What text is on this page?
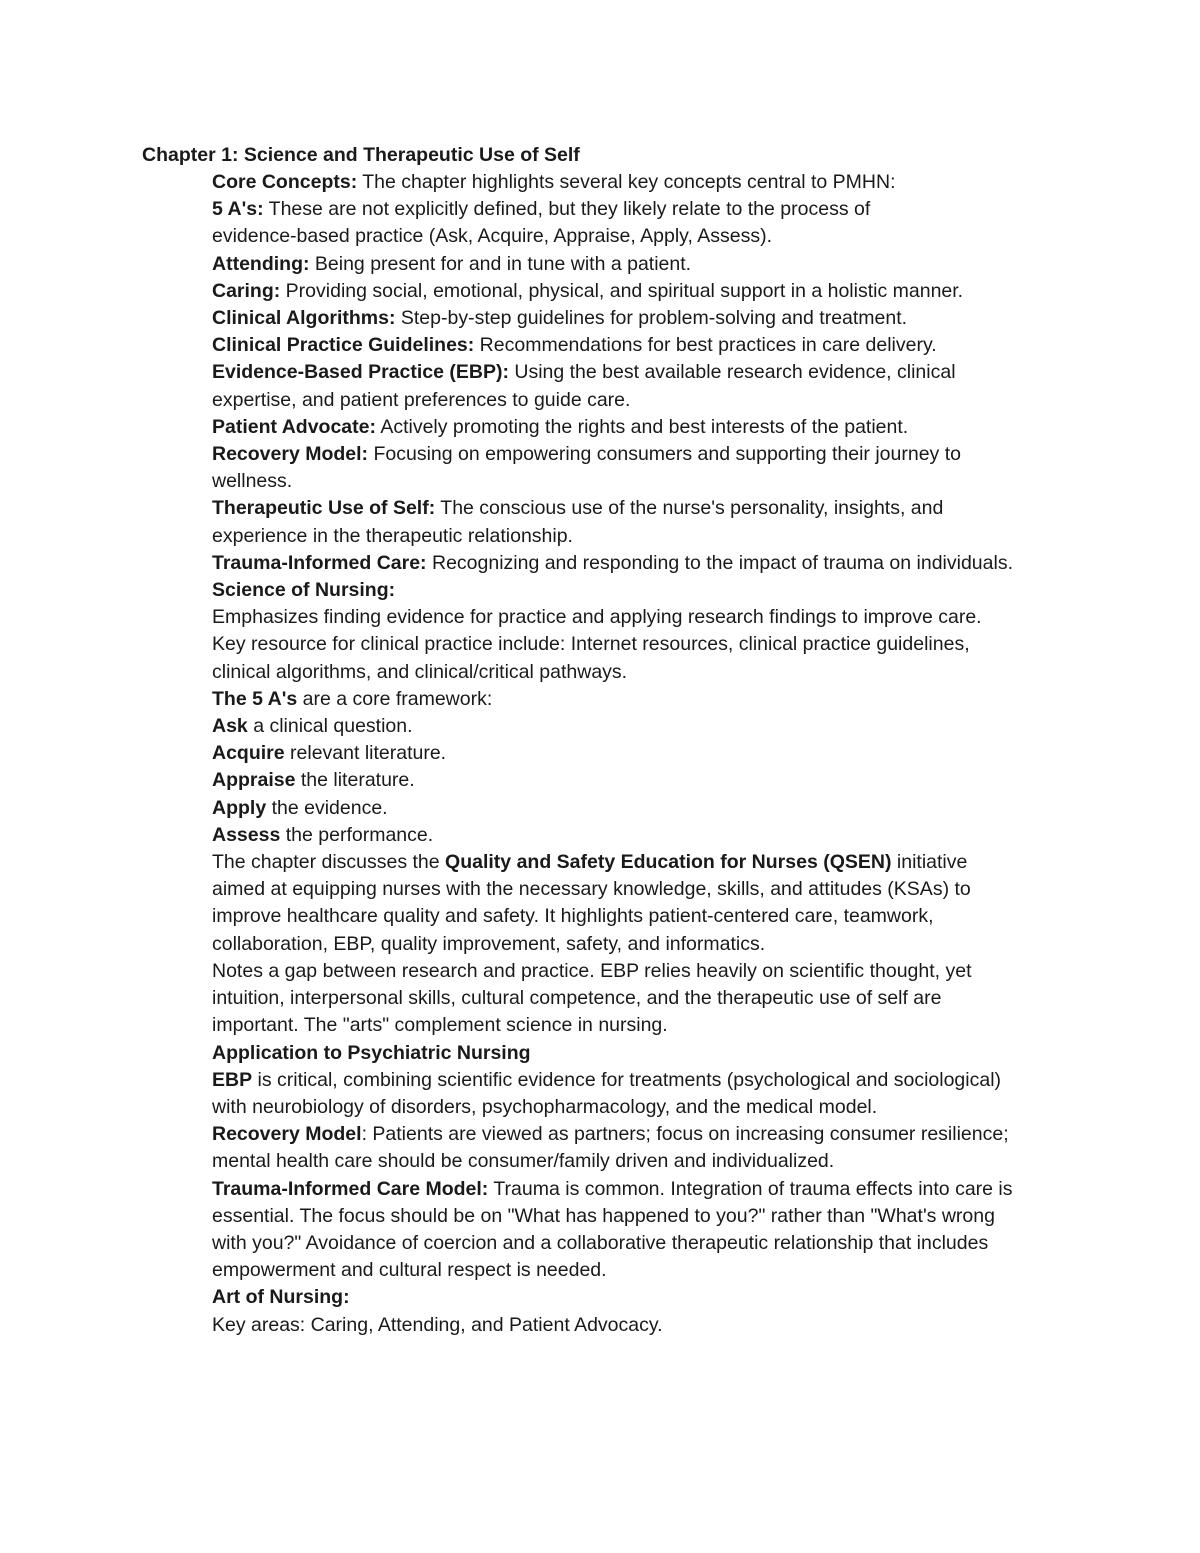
Chapter 1: Science and Therapeutic Use of Self

Core Concepts: The chapter highlights several key concepts central to PMHN:

5 A's: These are not explicitly defined, but they likely relate to the process of

evidence-based practice (Ask, Acquire, Appraise, Apply, Assess).

Attending: Being present for and in tune with a patient.

Caring: Providing social, emotional, physical, and spiritual support in a holistic manner.

Clinical Algorithms: Step-by-step guidelines for problem-solving and treatment.

Clinical Practice Guidelines: Recommendations for best practices in care delivery.

Evidence-Based Practice (EBP): Using the best available research evidence, clinical

expertise, and patient preferences to guide care.

Patient Advocate: Actively promoting the rights and best interests of the patient.

Recovery Model: Focusing on empowering consumers and supporting their journey to

wellness.

Therapeutic Use of Self: The conscious use of the nurse's personality, insights, and

experience in the therapeutic relationship.

Trauma-Informed Care: Recognizing and responding to the impact of trauma on individuals.

Science of Nursing:

Emphasizes finding evidence for practice and applying research findings to improve care.

Key resource for clinical practice include: Internet resources, clinical practice guidelines,

clinical algorithms, and clinical/critical pathways.

The 5 A's are a core framework:

Ask a clinical question.

Acquire relevant literature.

Appraise the literature.

Apply the evidence.

Assess the performance.

The chapter discusses the Quality and Safety Education for Nurses (QSEN) initiative

aimed at equipping nurses with the necessary knowledge, skills, and attitudes (KSAs) to

improve healthcare quality and safety. It highlights patient-centered care, teamwork,

collaboration, EBP, quality improvement, safety, and informatics.

Notes a gap between research and practice. EBP relies heavily on scientific thought, yet

intuition, interpersonal skills, cultural competence, and the therapeutic use of self are

important. The "arts" complement science in nursing.

Application to Psychiatric Nursing

EBP is critical, combining scientific evidence for treatments (psychological and sociological)

with neurobiology of disorders, psychopharmacology, and the medical model.

Recovery Model: Patients are viewed as partners; focus on increasing consumer resilience;

mental health care should be consumer/family driven and individualized.

Trauma-Informed Care Model: Trauma is common. Integration of trauma effects into care is

essential. The focus should be on "What has happened to you?" rather than "What's wrong

with you?" Avoidance of coercion and a collaborative therapeutic relationship that includes

empowerment and cultural respect is needed.

Art of Nursing:

Key areas: Caring, Attending, and Patient Advocacy.
